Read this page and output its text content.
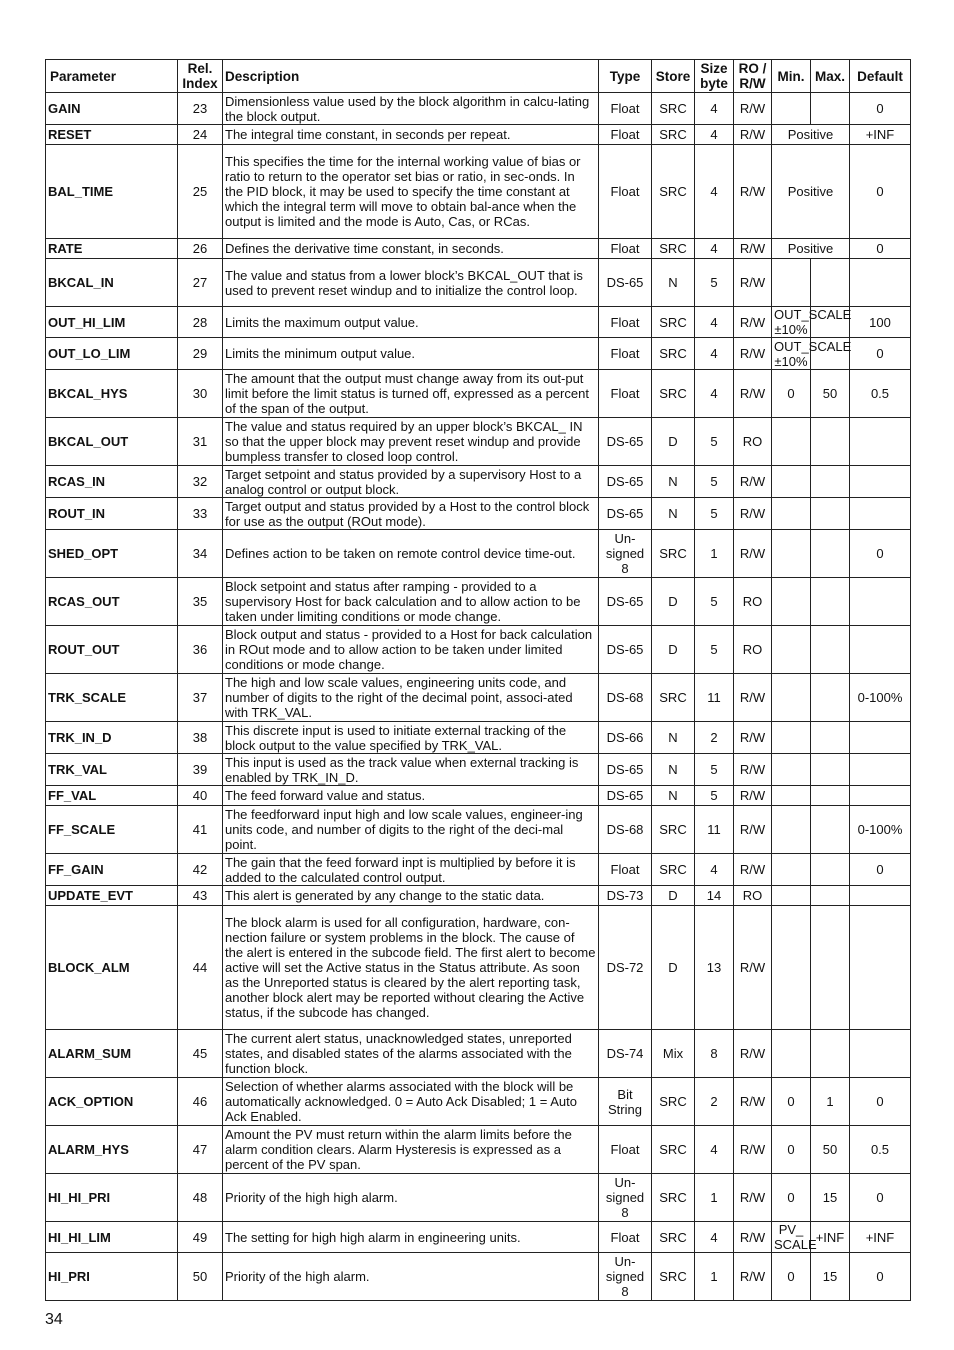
Parameter	Rel. Index	Description	Type	Store	Size byte	RO / R/W	Min.	Max.	Default
GAIN	23	Dimensionless value used by the block algorithm in calcu-lating the block output.	Float	SRC	4	R/W			0
RESET	24	The integral time constant, in seconds per repeat.	Float	SRC	4	R/W	Positive		+INF
BAL_TIME	25	This specifies the time for the internal working value of bias or ratio to return to the operator set bias or ratio, in sec-onds. In the PID block, it may be used to specify the time constant at which the integral term will move to obtain bal-ance when the output is limited and the mode is Auto, Cas, or RCas.	Float	SRC	4	R/W	Positive		0
RATE	26	Defines the derivative time constant, in seconds.	Float	SRC	4	R/W	Positive		0
BKCAL_IN	27	The value and status from a lower block’s BKCAL_OUT that is used to prevent reset windup and to initialize the control loop.	DS-65	N	5	R/W			
OUT_HI_LIM	28	Limits the maximum output value.	Float	SRC	4	R/W	OUT_SCALE ±10%		100
OUT_LO_LIM	29	Limits the minimum output value.	Float	SRC	4	R/W	OUT_SCALE ±10%		0
BKCAL_HYS	30	The amount that the output must change away from its out-put limit before the limit status is turned off, expressed as a percent of the span of the output.	Float	SRC	4	R/W	0	50	0.5
BKCAL_OUT	31	The value and status required by an upper block’s BKCAL_ IN so that the upper block may prevent reset windup and provide bumpless transfer to closed loop control.	DS-65	D	5	RO			
RCAS_IN	32	Target setpoint and status provided by a supervisory Host to a analog control or output block.	DS-65	N	5	R/W			
ROUT_IN	33	Target output and status provided by a Host to the control block for use as the output (ROut mode).	DS-65	N	5	R/W			
SHED_OPT	34	Defines action to be taken on remote control device time-out.	Un-signed 8	SRC	1	R/W			0
RCAS_OUT	35	Block setpoint and status after ramping - provided to a supervisory Host for back calculation and to allow action to be taken under limiting conditions or mode change.	DS-65	D	5	RO			
ROUT_OUT	36	Block output and status - provided to a Host for back calculation in ROut mode and to allow action to be taken under limited conditions or mode change.	DS-65	D	5	RO			
TRK_SCALE	37	The high and low scale values, engineering units code, and number of digits to the right of the decimal point, associ-ated with TRK_VAL.	DS-68	SRC	11	R/W			0-100%
TRK_IN_D	38	This discrete input is used to initiate external tracking of the block output to the value specified by TRK_VAL.	DS-66	N	2	R/W			
TRK_VAL	39	This input is used as the track value when external tracking is enabled by TRK_IN_D.	DS-65	N	5	R/W			
FF_VAL	40	The feed forward value and status.	DS-65	N	5	R/W			
FF_SCALE	41	The feedforward input high and low scale values, engineer-ing units code, and number of digits to the right of the deci-mal point.	DS-68	SRC	11	R/W			0-100%
FF_GAIN	42	The gain that the feed forward inpt is multiplied by before it is added to the calculated control output.	Float	SRC	4	R/W			0
UPDATE_EVT	43	This alert is generated by any change to the static data.	DS-73	D	14	RO			
BLOCK_ALM	44	The block alarm is used for all configuration, hardware, con-nection failure or system problems in the block. The cause of the alert is entered in the subcode field. The first alert to become active will set the Active status in the Status attribute. As soon as the Unreported status is cleared by the alert reporting task, another block alert may be reported without clearing the Active status, if the subcode has changed.	DS-72	D	13	R/W			
ALARM_SUM	45	The current alert status, unacknowledged states, unreported states, and disabled states of the alarms associated with the function block.	DS-74	Mix	8	R/W			
ACK_OPTION	46	Selection of whether alarms associated with the block will be automatically acknowledged. 0 = Auto Ack Disabled; 1 = Auto Ack Enabled.	Bit String	SRC	2	R/W	0	1	0
ALARM_HYS	47	Amount the PV must return within the alarm limits before the alarm condition clears. Alarm Hysteresis is expressed as a percent of the PV span.	Float	SRC	4	R/W	0	50	0.5
HI_HI_PRI	48	Priority of the high high alarm.	Un-signed 8	SRC	1	R/W	0	15	0
HI_HI_LIM	49	The setting for high high alarm in engineering units.	Float	SRC	4	R/W	PV_ SCALE	+INF	+INF
HI_PRI	50	Priority of the high alarm.	Un-signed 8	SRC	1	R/W	0	15	0
34
